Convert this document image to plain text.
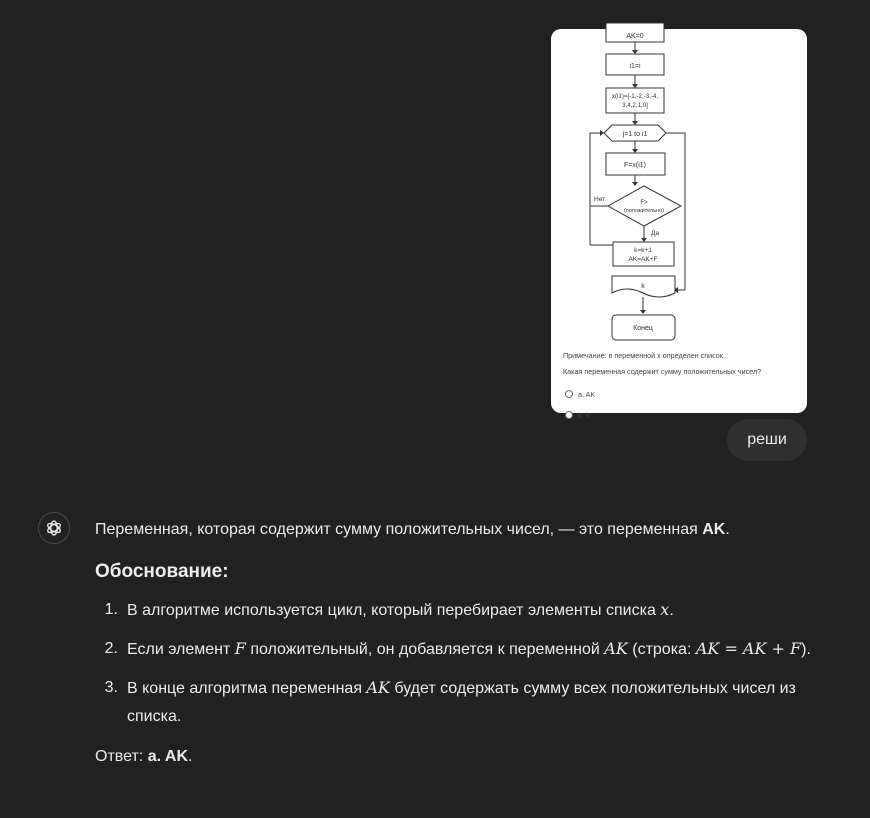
AK=0
i1=i
x(i1)=[-1,-2,-3,-4,
3,4,2,1,0]
j=1 to i1
F=x(i1)
F>
(положительно)
Нет
Да
k=k+1
AK=AK+F
k
Конец
Примечание: в переменной x определен список.
Какая переменная содержит сумму положительных чисел?
a. AK
b. k
реши

Переменная, которая содержит сумму положительных чисел, — это переменная AK.

Обоснование:
1. В алгоритме используется цикл, который перебирает элементы списка x.
2. Если элемент F положительный, он добавляется к переменной AK (строка: AK = AK + F).
3. В конце алгоритма переменная AK будет содержать сумму всех положительных чисел из списка.

Ответ: a. AK.
